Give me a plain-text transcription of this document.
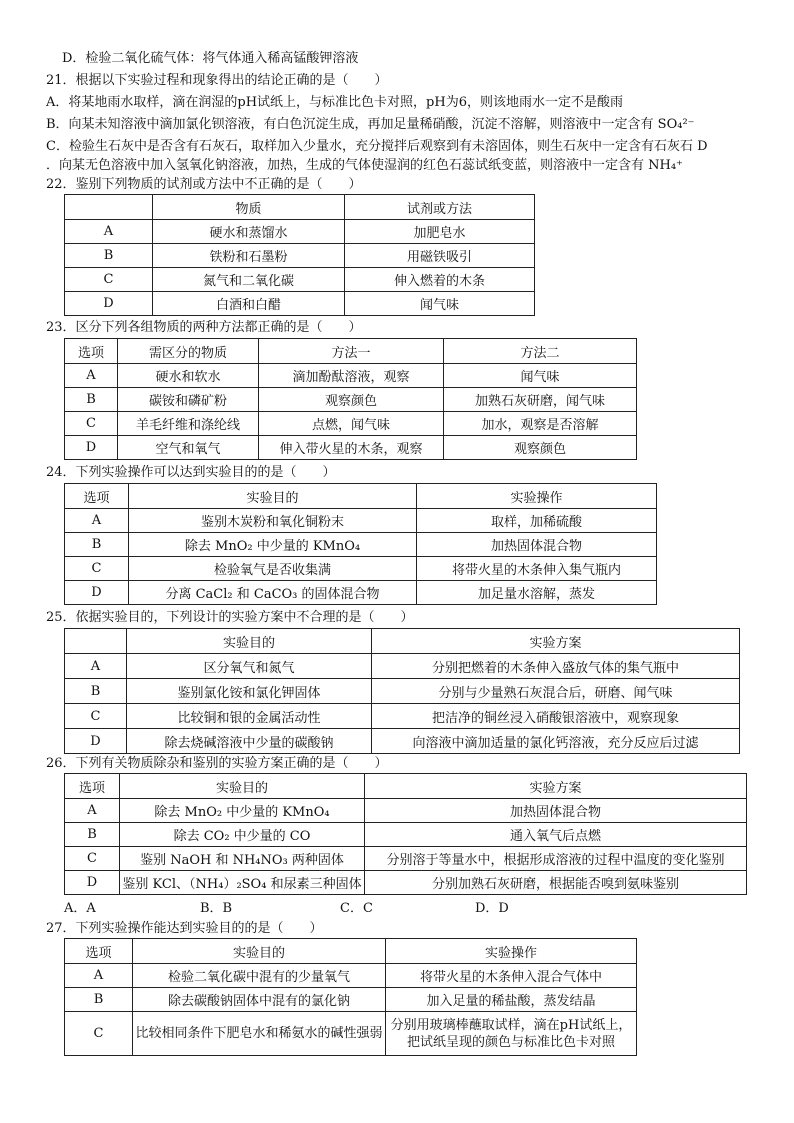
D．检验二氧化硫气体：将气体通入稀高锰酸钾溶液
21．根据以下实验过程和现象得出的结论正确的是（　　）
A．将某地雨水取样，滴在润湿的pH试纸上，与标准比色卡对照，pH为6，则该地雨水一定不是酸雨
B．向某未知溶液中滴加氯化钡溶液，有白色沉淀生成，再加足量稀硝酸，沉淀不溶解，则溶液中一定含有 SO₄²⁻
C．检验生石灰中是否含有石灰石，取样加入少量水，充分搅拌后观察到有未溶固体，则生石灰中一定含有石灰石 D
．向某无色溶液中加入氢氧化钠溶液，加热，生成的气体使湿润的红色石蕊试纸变蓝，则溶液中一定含有 NH₄⁺
22．鉴别下列物质的试剂或方法中不正确的是（　　）
	物质	试剂或方法
A	硬水和蒸馏水	加肥皂水
B	铁粉和石墨粉	用磁铁吸引
C	氮气和二氧化碳	伸入燃着的木条
D	白酒和白醋	闻气味
23．区分下列各组物质的两种方法都正确的是（　　）
选项	需区分的物质	方法一	方法二
A	硬水和软水	滴加酚酞溶液，观察	闻气味
B	碳铵和磷矿粉	观察颜色	加熟石灰研磨，闻气味
C	羊毛纤维和涤纶线	点燃，闻气味	加水，观察是否溶解
D	空气和氧气	伸入带火星的木条，观察	观察颜色
24．下列实验操作可以达到实验目的的是（　　）
选项	实验目的	实验操作
A	鉴别木炭粉和氧化铜粉末	取样，加稀硫酸
B	除去 MnO₂ 中少量的 KMnO₄	加热固体混合物
C	检验氧气是否收集满	将带火星的木条伸入集气瓶内
D	分离 CaCl₂ 和 CaCO₃ 的固体混合物	加足量水溶解，蒸发
25．依据实验目的，下列设计的实验方案中不合理的是（　　）
	实验目的	实验方案
A	区分氧气和氮气	分别把燃着的木条伸入盛放气体的集气瓶中
B	鉴别氯化铵和氯化钾固体	分别与少量熟石灰混合后，研磨、闻气味
C	比较铜和银的金属活动性	把洁净的铜丝浸入硝酸银溶液中，观察现象
D	除去烧碱溶液中少量的碳酸钠	向溶液中滴加适量的氯化钙溶液，充分反应后过滤
26．下列有关物质除杂和鉴别的实验方案正确的是（　　）
选项	实验目的	实验方案
A	除去 MnO₂ 中少量的 KMnO₄	加热固体混合物
B	除去 CO₂ 中少量的 CO	通入氧气后点燃
C	鉴别 NaOH 和 NH₄NO₃ 两种固体	分别溶于等量水中，根据形成溶液的过程中温度的变化鉴别
D	鉴别 KCl、（NH₄）₂SO₄ 和尿素三种固体	分别加熟石灰研磨，根据能否嗅到氨味鉴别
A．A	B．B	C．C	D．D
27．下列实验操作能达到实验目的的是（　　）
选项	实验目的	实验操作
A	检验二氧化碳中混有的少量氧气	将带火星的木条伸入混合气体中
B	除去碳酸钠固体中混有的氯化钠	加入足量的稀盐酸，蒸发结晶
C	比较相同条件下肥皂水和稀氨水的碱性强弱	分别用玻璃棒蘸取试样，滴在pH试纸上，把试纸呈现的颜色与标准比色卡对照
